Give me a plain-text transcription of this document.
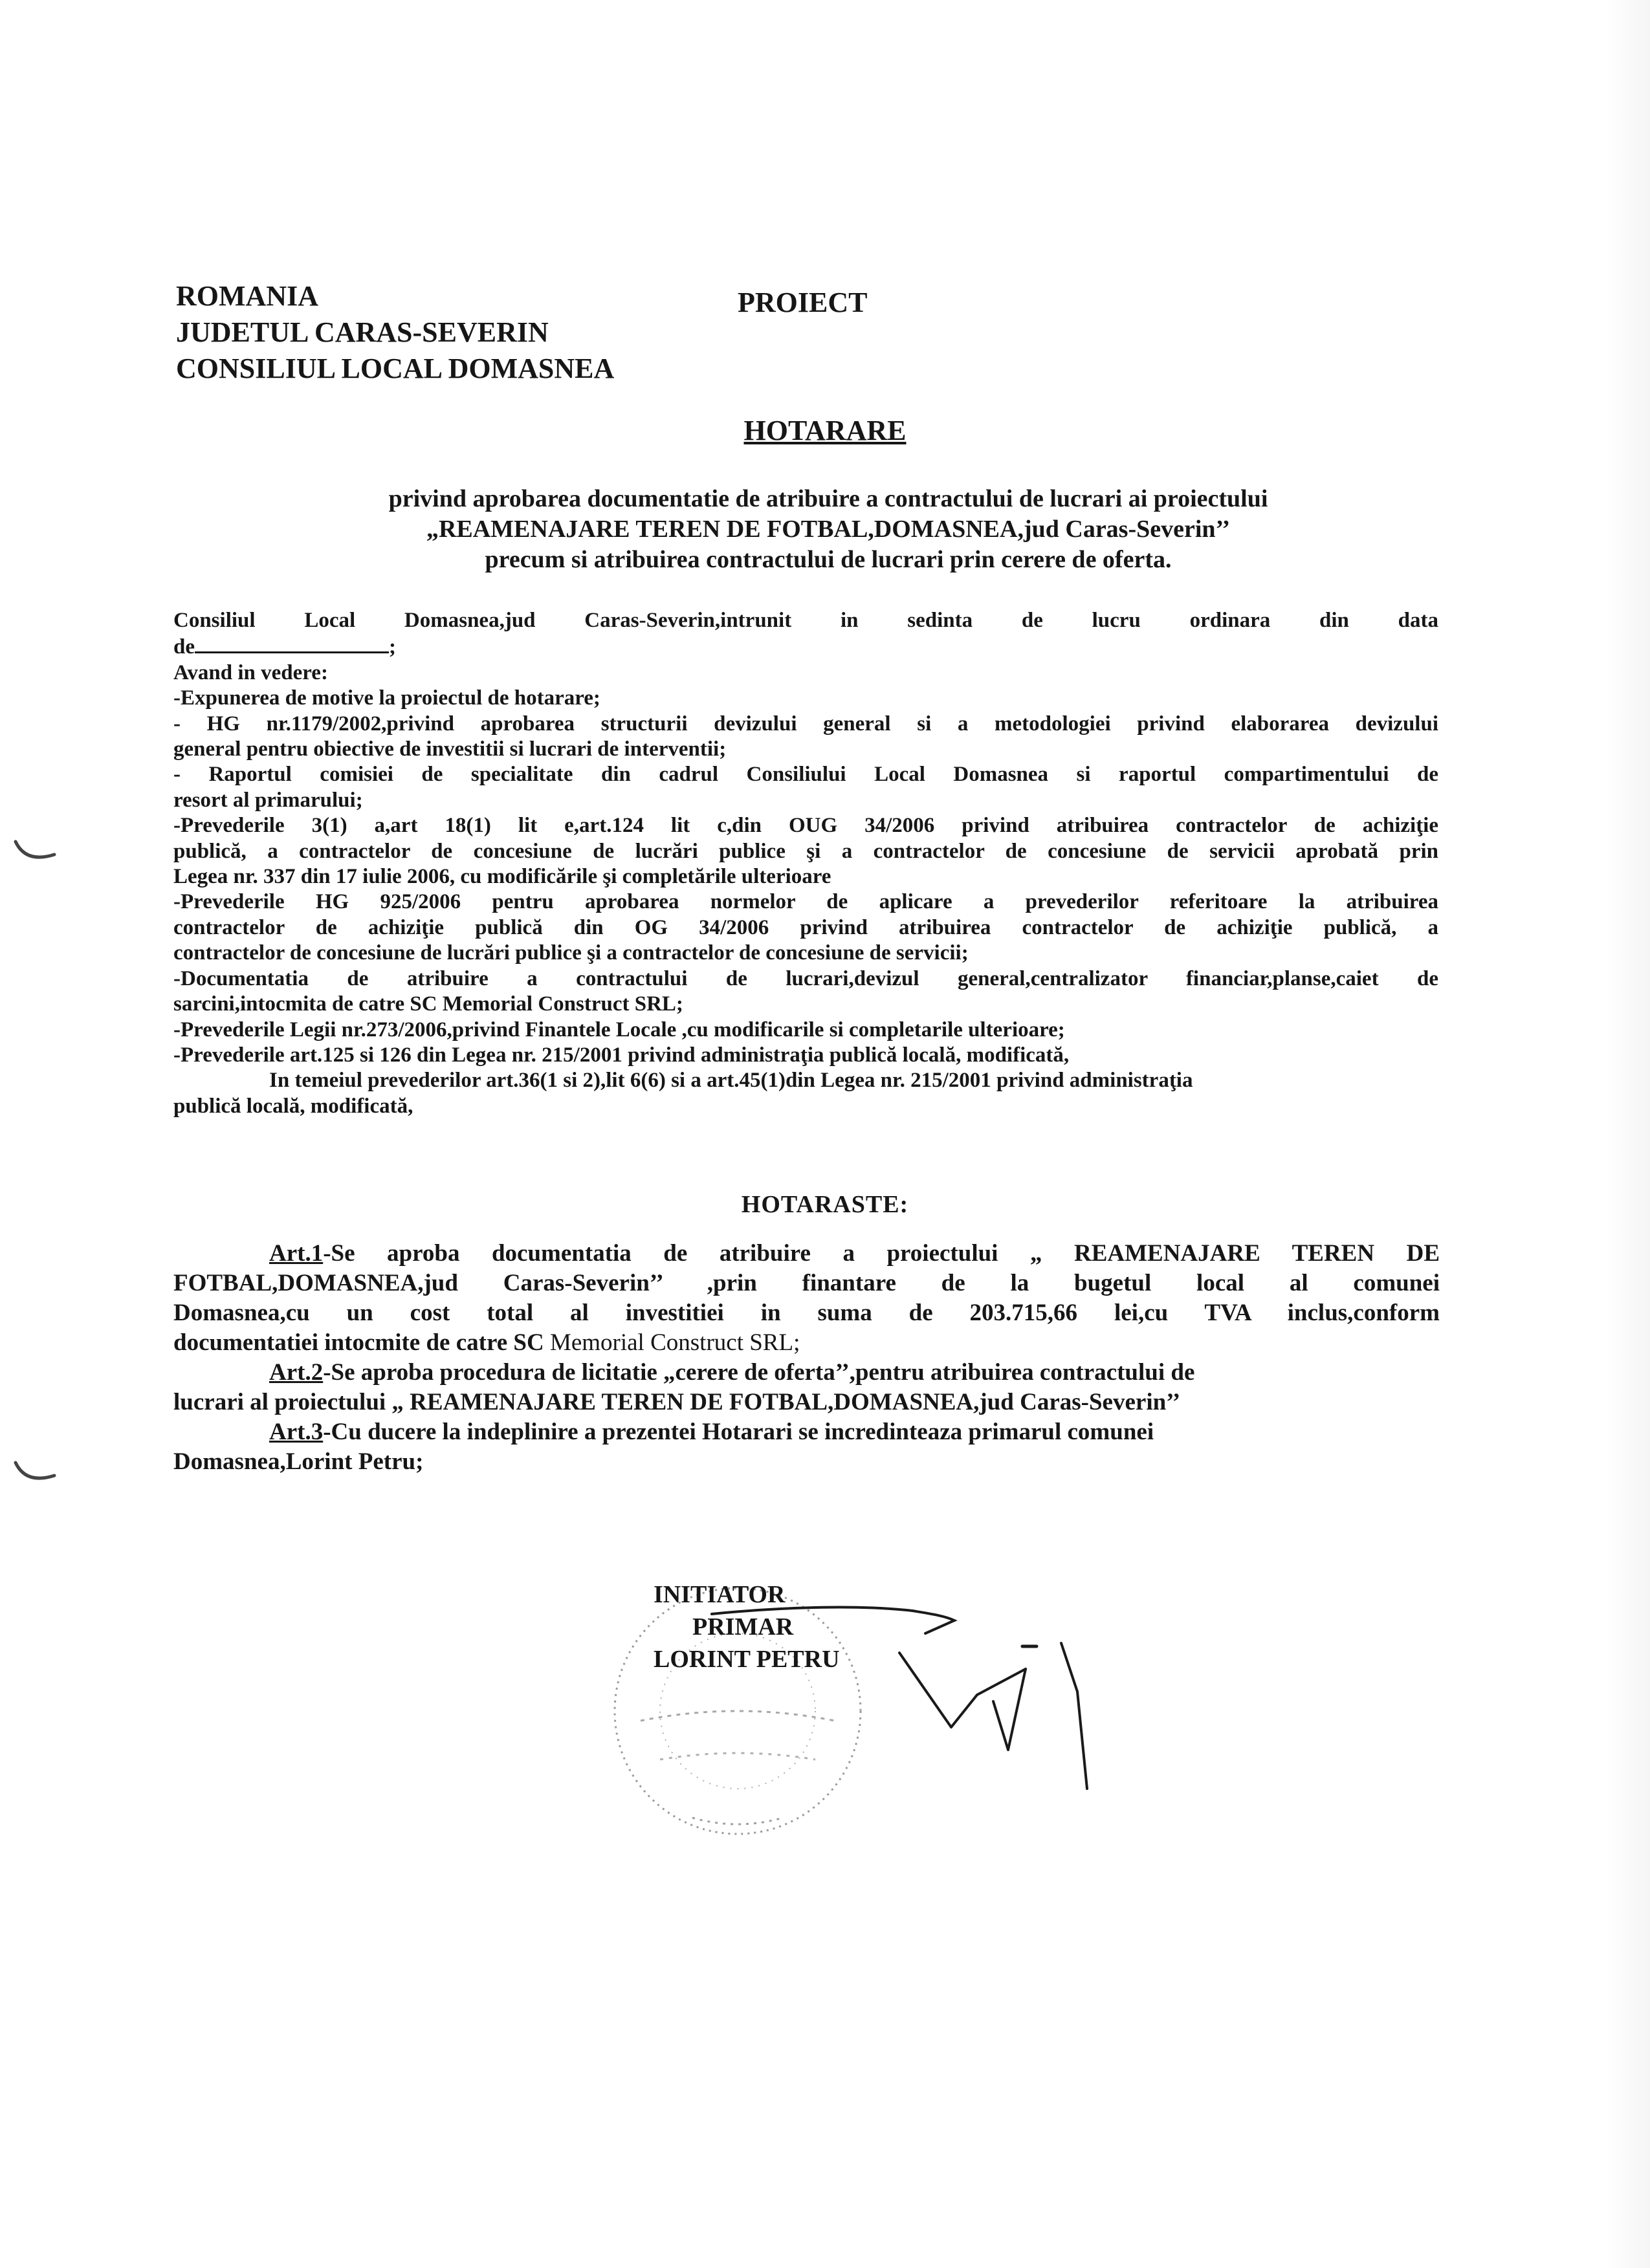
ROMANIA
JUDETUL CARAS-SEVERIN
CONSILIUL LOCAL DOMASNEA
PROIECT
HOTARARE
privind aprobarea documentatie de atribuire a contractului de lucrari ai proiectului
„REAMENAJARE TEREN DE FOTBAL,DOMASNEA,jud Caras-Severin’’
precum si atribuirea contractului de lucrari prin cerere de oferta.
Consiliul Local Domasnea,jud Caras-Severin,intrunit in sedinta de lucru ordinara din data
de	;
Avand in vedere:
-Expunerea de motive la proiectul de hotarare;
- HG nr.1179/2002,privind aprobarea structurii devizului general si a metodologiei privind elaborarea devizului
general pentru obiective de investitii si lucrari de interventii;
- Raportul comisiei de specialitate din cadrul Consiliului Local Domasnea si raportul compartimentului de
resort al primarului;
-Prevederile 3(1) a,art 18(1) lit e,art.124 lit c,din OUG 34/2006 privind atribuirea contractelor de achiziţie
publică, a contractelor de concesiune de lucrări publice şi a contractelor de concesiune de servicii aprobată prin
Legea nr. 337 din 17 iulie 2006, cu modificările şi completările ulterioare
-Prevederile HG 925/2006 pentru aprobarea normelor de aplicare a prevederilor referitoare la atribuirea
contractelor de achiziţie publică din OG 34/2006 privind atribuirea contractelor de achiziţie publică, a
contractelor de concesiune de lucrări publice şi a contractelor de concesiune de servicii;
-Documentatia de atribuire a contractului de lucrari,devizul general,centralizator financiar,planse,caiet de
sarcini,intocmita de catre SC Memorial Construct SRL;
-Prevederile Legii nr.273/2006,privind Finantele Locale ,cu modificarile si completarile ulterioare;
-Prevederile art.125 si 126 din Legea nr. 215/2001 privind administraţia publică locală, modificată,
In temeiul prevederilor art.36(1 si 2),lit 6(6) si a art.45(1)din Legea nr. 215/2001 privind administraţia
publică locală, modificată,
HOTARASTE:
Art.1-Se aproba documentatia de atribuire a proiectului „ REAMENAJARE TEREN DE
FOTBAL,DOMASNEA,jud Caras-Severin’’ ,prin finantare de la bugetul local al comunei
Domasnea,cu un cost total al investitiei in suma de 203.715,66 lei,cu TVA inclus,conform
documentatiei intocmite de catre SC Memorial Construct SRL;
Art.2-Se aproba procedura de licitatie „cerere de oferta’’,pentru atribuirea contractului de
lucrari al proiectului „ REAMENAJARE TEREN DE FOTBAL,DOMASNEA,jud Caras-Severin’’
Art.3-Cu ducere la indeplinire a prezentei Hotarari se incredinteaza primarul comunei
Domasnea,Lorint Petru;
INITIATOR
PRIMAR
LORINT PETRU
